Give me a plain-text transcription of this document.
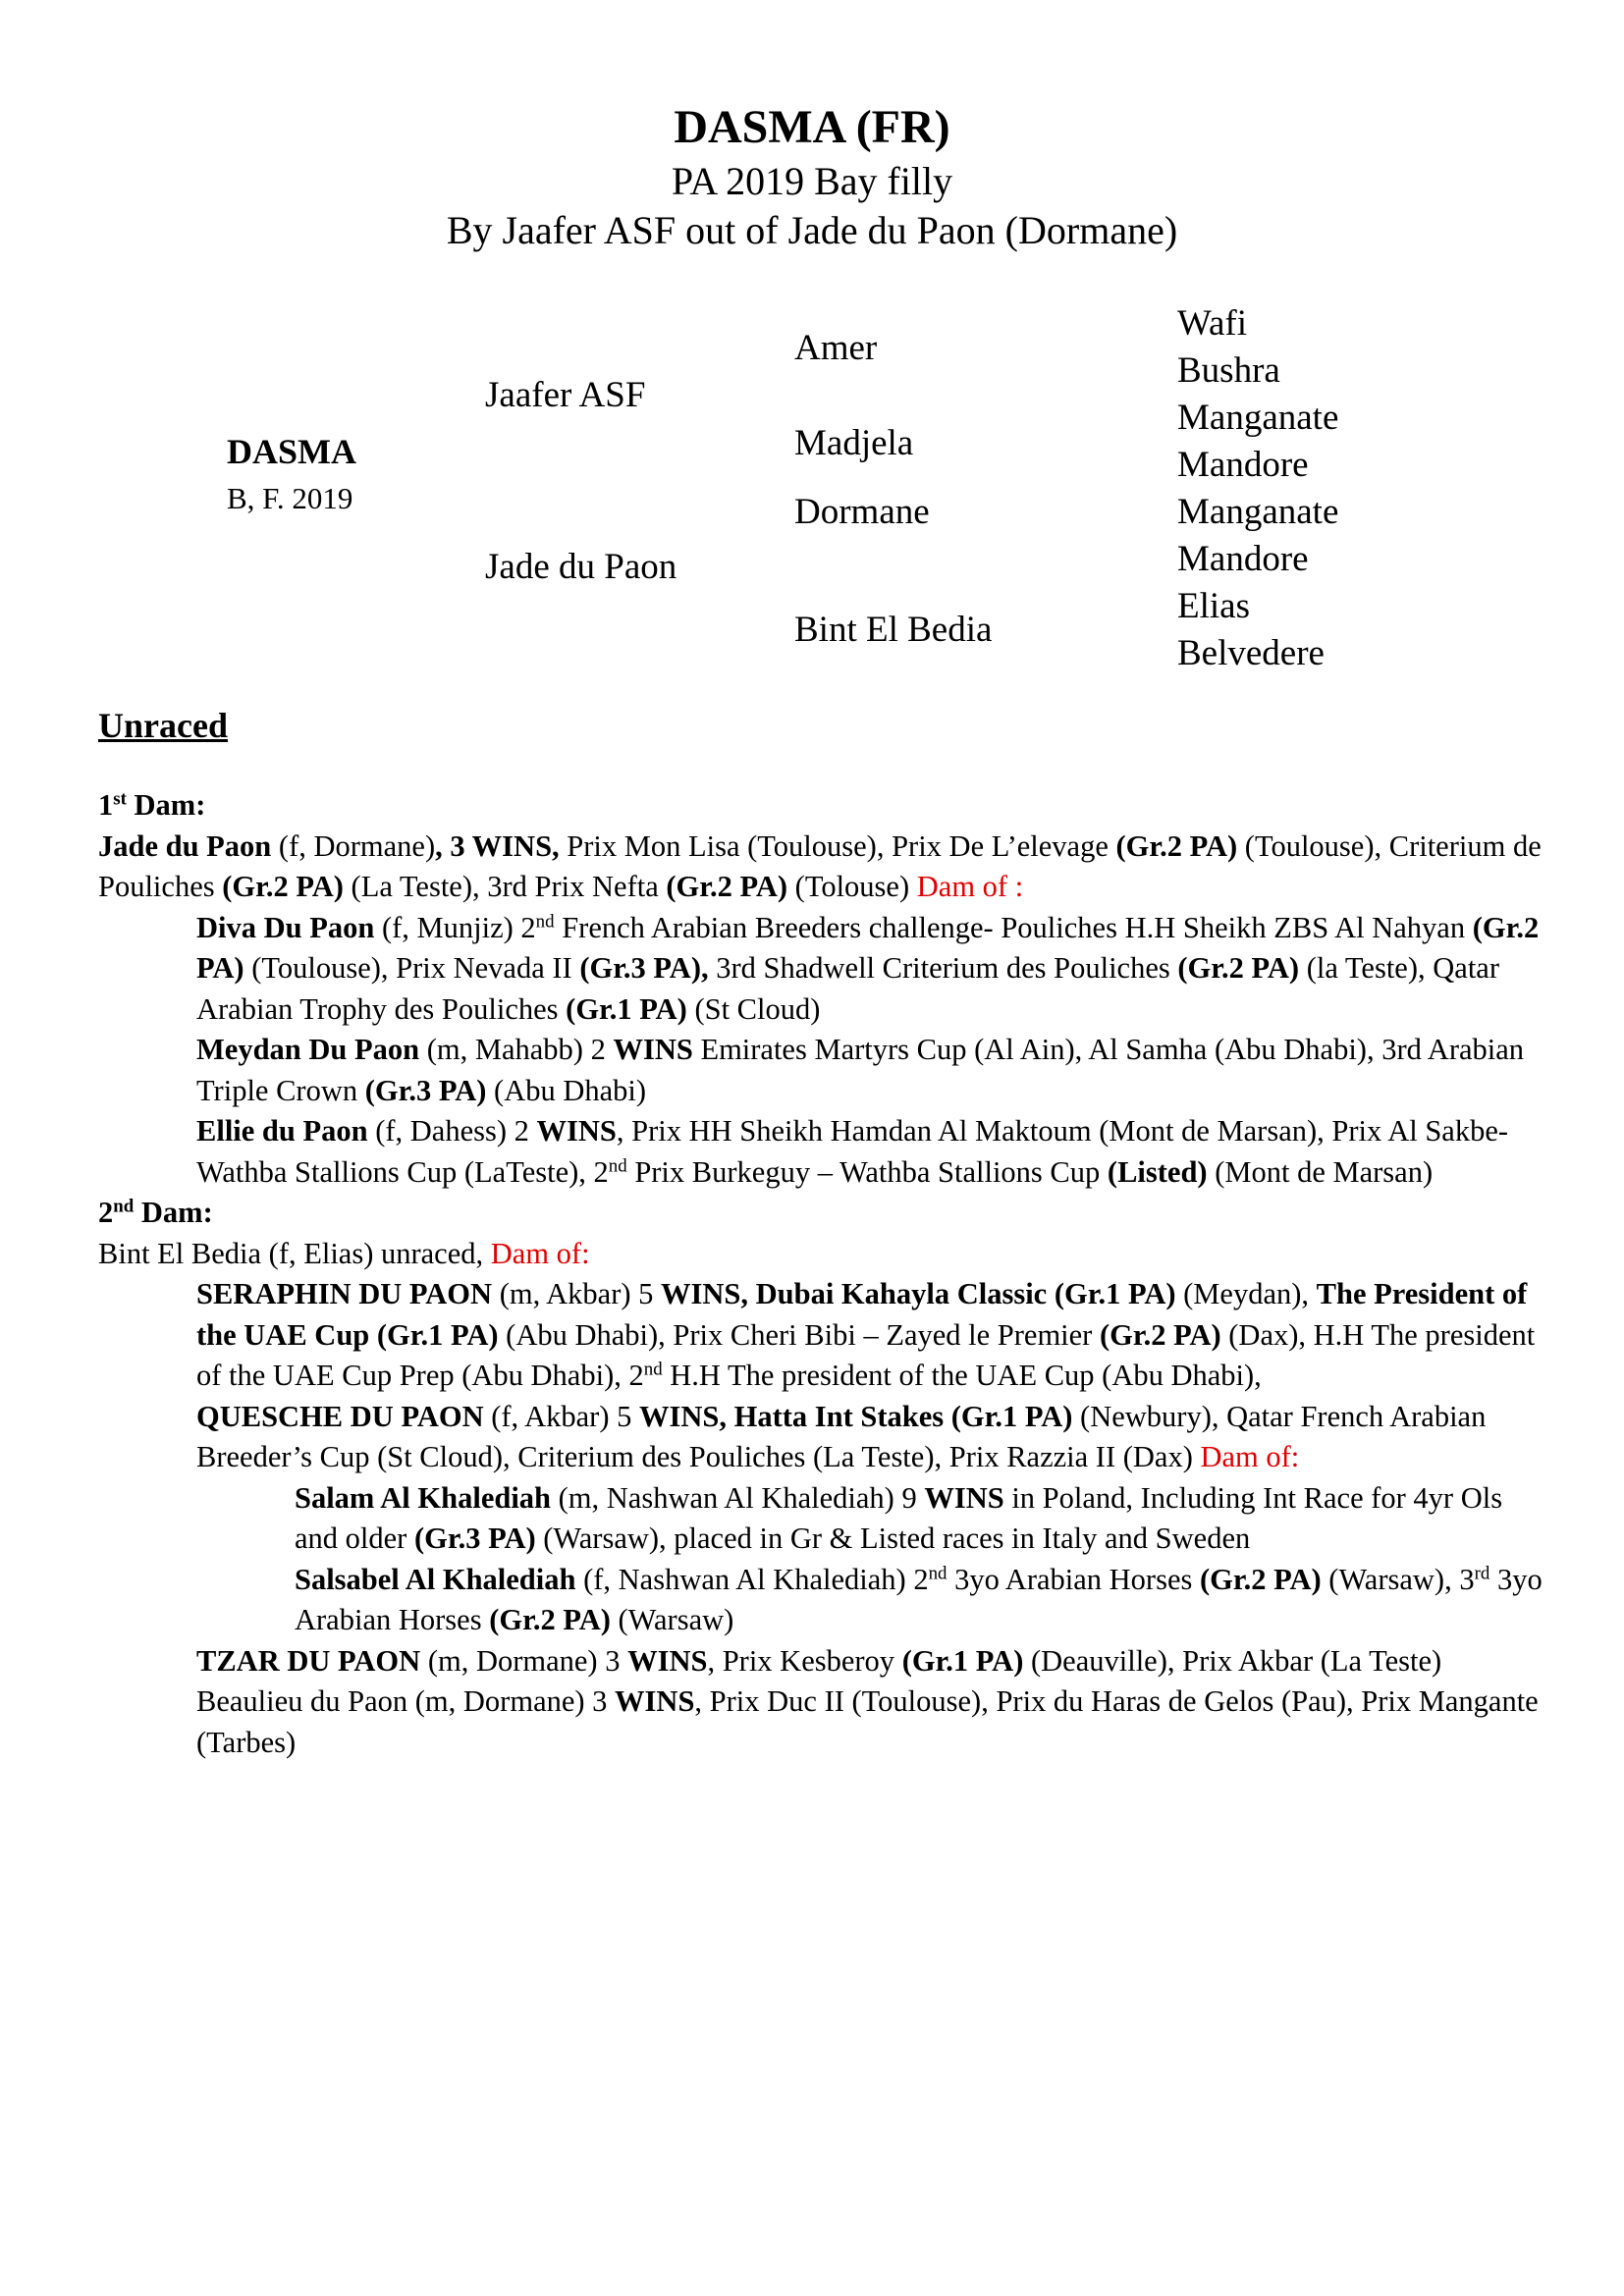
DASMA (FR)
PA 2019 Bay filly
By Jaafer ASF out of Jade du Paon (Dormane)
DASMA
B, F. 2019
Jaafer ASF
Jade du Paon
Amer
Madjela
Dormane
Bint El Bedia
Wafi
Bushra
Manganate
Mandore
Manganate
Mandore
Elias
Belvedere
Unraced

1st Dam:

Jade du Paon (f, Dormane), 3 WINS, Prix Mon Lisa (Toulouse), Prix De L’elevage (Gr.2 PA) (Toulouse), Criterium de Pouliches (Gr.2 PA) (La Teste), 3rd Prix Nefta (Gr.2 PA) (Tolouse) Dam of :

Diva Du Paon (f, Munjiz) 2nd French Arabian Breeders challenge- Pouliches H.H Sheikh ZBS Al Nahyan (Gr.2 PA) (Toulouse), Prix Nevada II (Gr.3 PA), 3rd Shadwell Criterium des Pouliches (Gr.2 PA) (la Teste), Qatar Arabian Trophy des Pouliches (Gr.1 PA) (St Cloud)

Meydan Du Paon (m, Mahabb) 2 WINS Emirates Martyrs Cup (Al Ain), Al Samha (Abu Dhabi), 3rd Arabian Triple Crown (Gr.3 PA) (Abu Dhabi)

Ellie du Paon (f, Dahess) 2 WINS, Prix HH Sheikh Hamdan Al Maktoum (Mont de Marsan), Prix Al Sakbe- Wathba Stallions Cup (LaTeste), 2nd Prix Burkeguy – Wathba Stallions Cup (Listed) (Mont de Marsan)

2nd Dam:

Bint El Bedia (f, Elias) unraced, Dam of:

SERAPHIN DU PAON (m, Akbar) 5 WINS, Dubai Kahayla Classic (Gr.1 PA) (Meydan), The President of the UAE Cup (Gr.1 PA) (Abu Dhabi), Prix Cheri Bibi – Zayed le Premier (Gr.2 PA) (Dax), H.H The president of the UAE Cup Prep (Abu Dhabi), 2nd H.H The president of the UAE Cup (Abu Dhabi),

QUESCHE DU PAON (f, Akbar) 5 WINS, Hatta Int Stakes (Gr.1 PA) (Newbury), Qatar French Arabian Breeder’s Cup (St Cloud), Criterium des Pouliches (La Teste), Prix Razzia II (Dax) Dam of:

Salam Al Khalediah (m, Nashwan Al Khalediah) 9 WINS in Poland, Including Int Race for 4yr Ols and older (Gr.3 PA) (Warsaw), placed in Gr & Listed races in Italy and Sweden

Salsabel Al Khalediah (f, Nashwan Al Khalediah) 2nd 3yo Arabian Horses (Gr.2 PA) (Warsaw), 3rd 3yo Arabian Horses (Gr.2 PA) (Warsaw)

TZAR DU PAON (m, Dormane) 3 WINS, Prix Kesberoy (Gr.1 PA) (Deauville), Prix Akbar (La Teste)

Beaulieu du Paon (m, Dormane) 3 WINS, Prix Duc II (Toulouse), Prix du Haras de Gelos (Pau), Prix Mangante (Tarbes)
